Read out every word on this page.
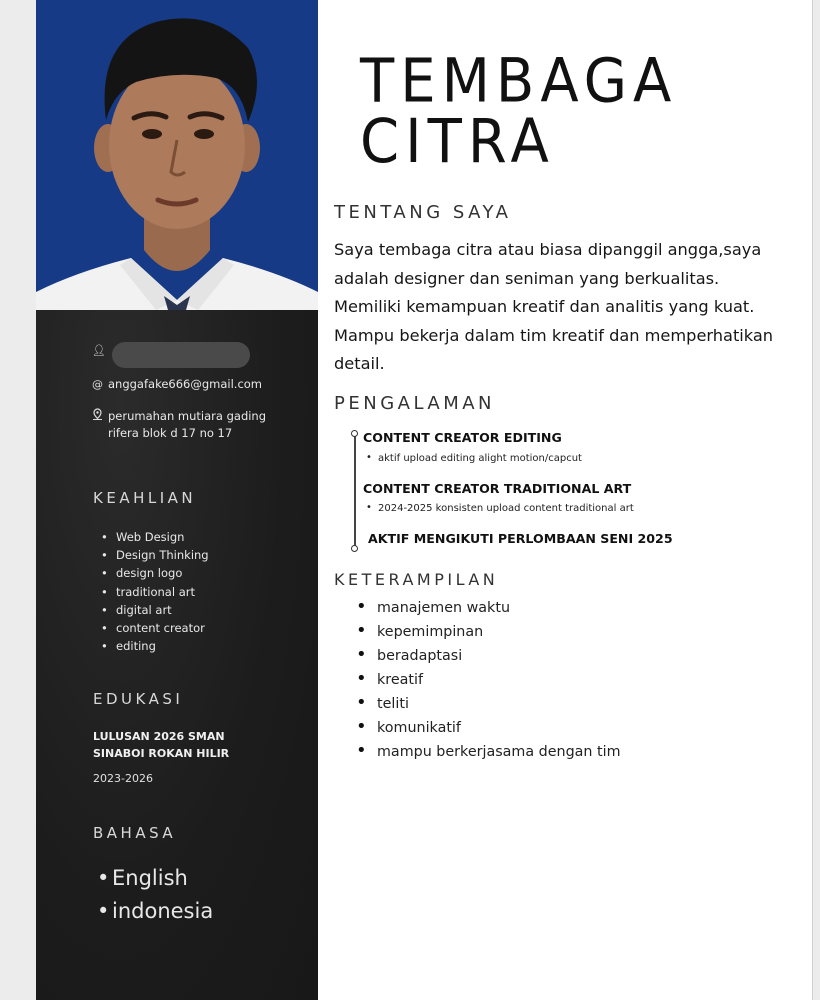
👤︎
@ anggafake666@gmail.com
perumahan mutiara gading
rifera blok d 17 no 17
KEAHLIAN
• Web Design
• Design Thinking
• design logo
• traditional art
• digital art
• content creator
• editing
EDUKASI
LULUSAN 2026 SMAN
SINABOI ROKAN HILIR
2023-2026
BAHASA
• English
• indonesia
TEMBAGA
CITRA
TENTANG SAYA

Saya tembaga citra atau biasa dipanggil angga,saya
adalah designer dan seniman yang berkualitas.
Memiliki kemampuan kreatif dan analitis yang kuat.
Mampu bekerja dalam tim kreatif dan memperhatikan
detail.

PENGALAMAN
CONTENT CREATOR EDITING
• aktif upload editing alight motion/capcut
CONTENT CREATOR TRADITIONAL ART
• 2024-2025 konsisten upload content traditional art
AKTIF MENGIKUTI PERLOMBAAN SENI 2025
KETERAMPILAN
• manajemen waktu
• kepemimpinan
• beradaptasi
• kreatif
• teliti
• komunikatif
• mampu berkerjasama dengan tim
